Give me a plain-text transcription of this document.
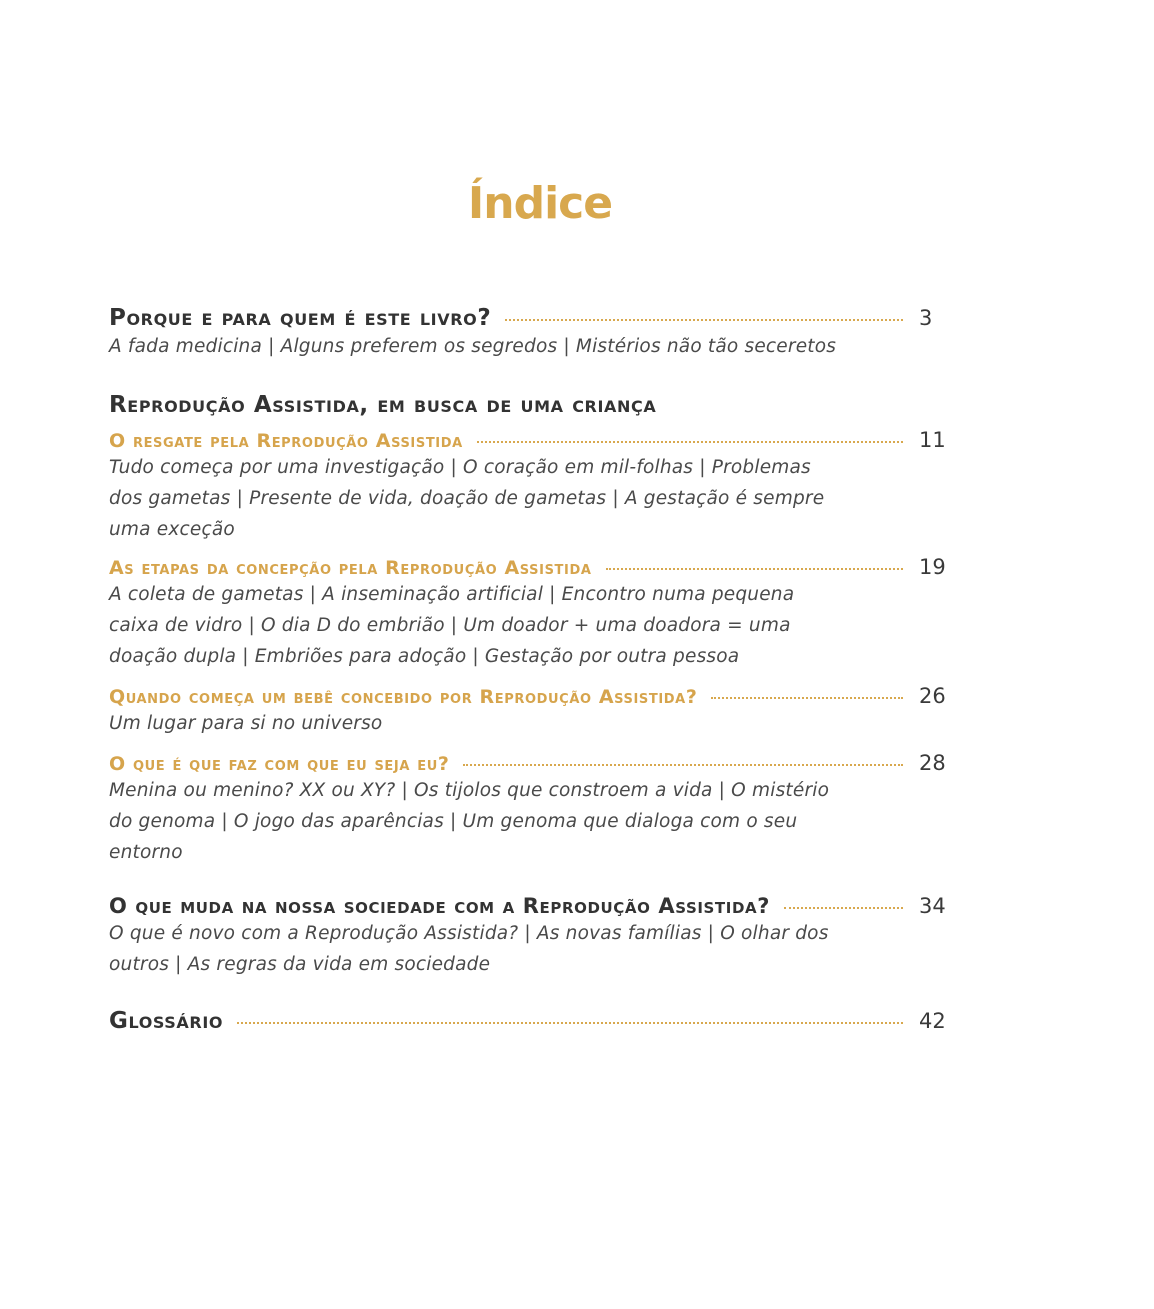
Índice
Porque e para quem é este livro?	3
A fada medicina | Alguns preferem os segredos | Mistérios não tão seceretos
Reprodução Assistida, em busca de uma criança
O resgate pela Reprodução Assistida	11
Tudo começa por uma investigação | O coração em mil-folhas | Problemas dos gametas | Presente de vida, doação de gametas | A gestação é sempre uma exceção
As etapas da concepção pela Reprodução Assistida	19
A coleta de gametas | A inseminação artificial | Encontro numa pequena caixa de vidro | O dia D do embrião | Um doador + uma doadora = uma doação dupla | Embriões para adoção | Gestação por outra pessoa
Quando começa um bebê concebido por Reprodução Assistida?	26
Um lugar para si no universo
O que é que faz com que eu seja eu?	28
Menina ou menino? XX ou XY? | Os tijolos que constroem a vida | O mistério do genoma | O jogo das aparências | Um genoma que dialoga com o seu entorno
O que muda na nossa sociedade com a Reprodução Assistida?	34
O que é novo com a Reprodução Assistida? | As novas famílias | O olhar dos outros | As regras da vida em sociedade
Glossário	42
